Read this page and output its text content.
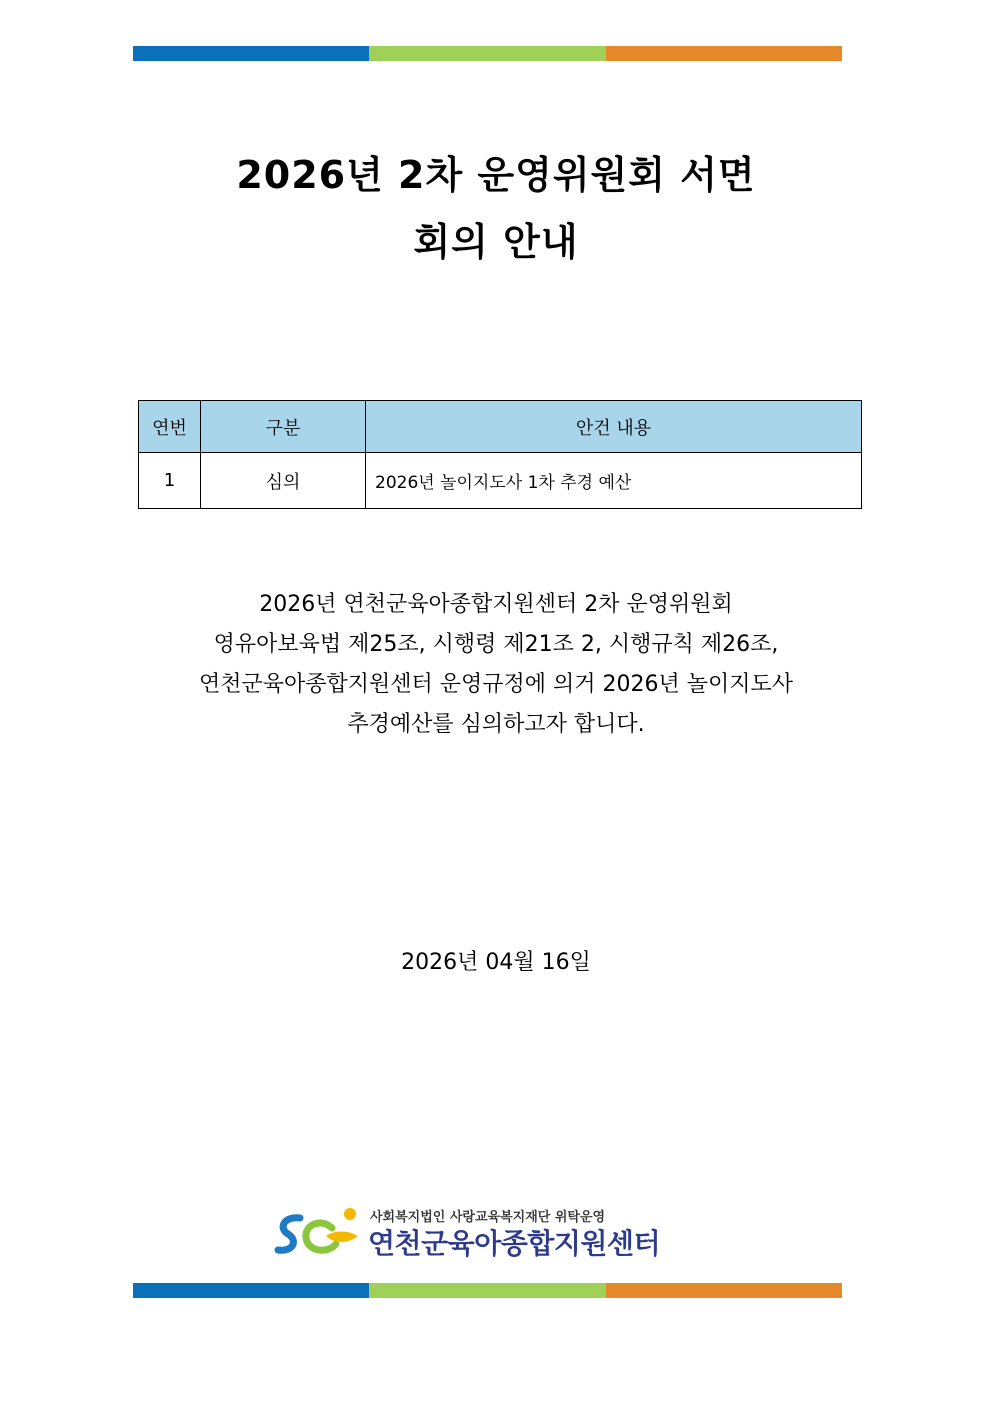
2026년 2차 운영위원회 서면
회의 안내
연번	구분	안건 내용
1	심의	2026년 놀이지도사 1차 추경 예산
2026년 연천군육아종합지원센터 2차 운영위원회
영유아보육법 제25조, 시행령 제21조 2, 시행규칙 제26조,
연천군육아종합지원센터 운영규정에 의거 2026년 놀이지도사
추경예산를 심의하고자 합니다.
2026년 04월 16일
사회복지법인 사랑교육복지재단 위탁운영
연천군육아종합지원센터
